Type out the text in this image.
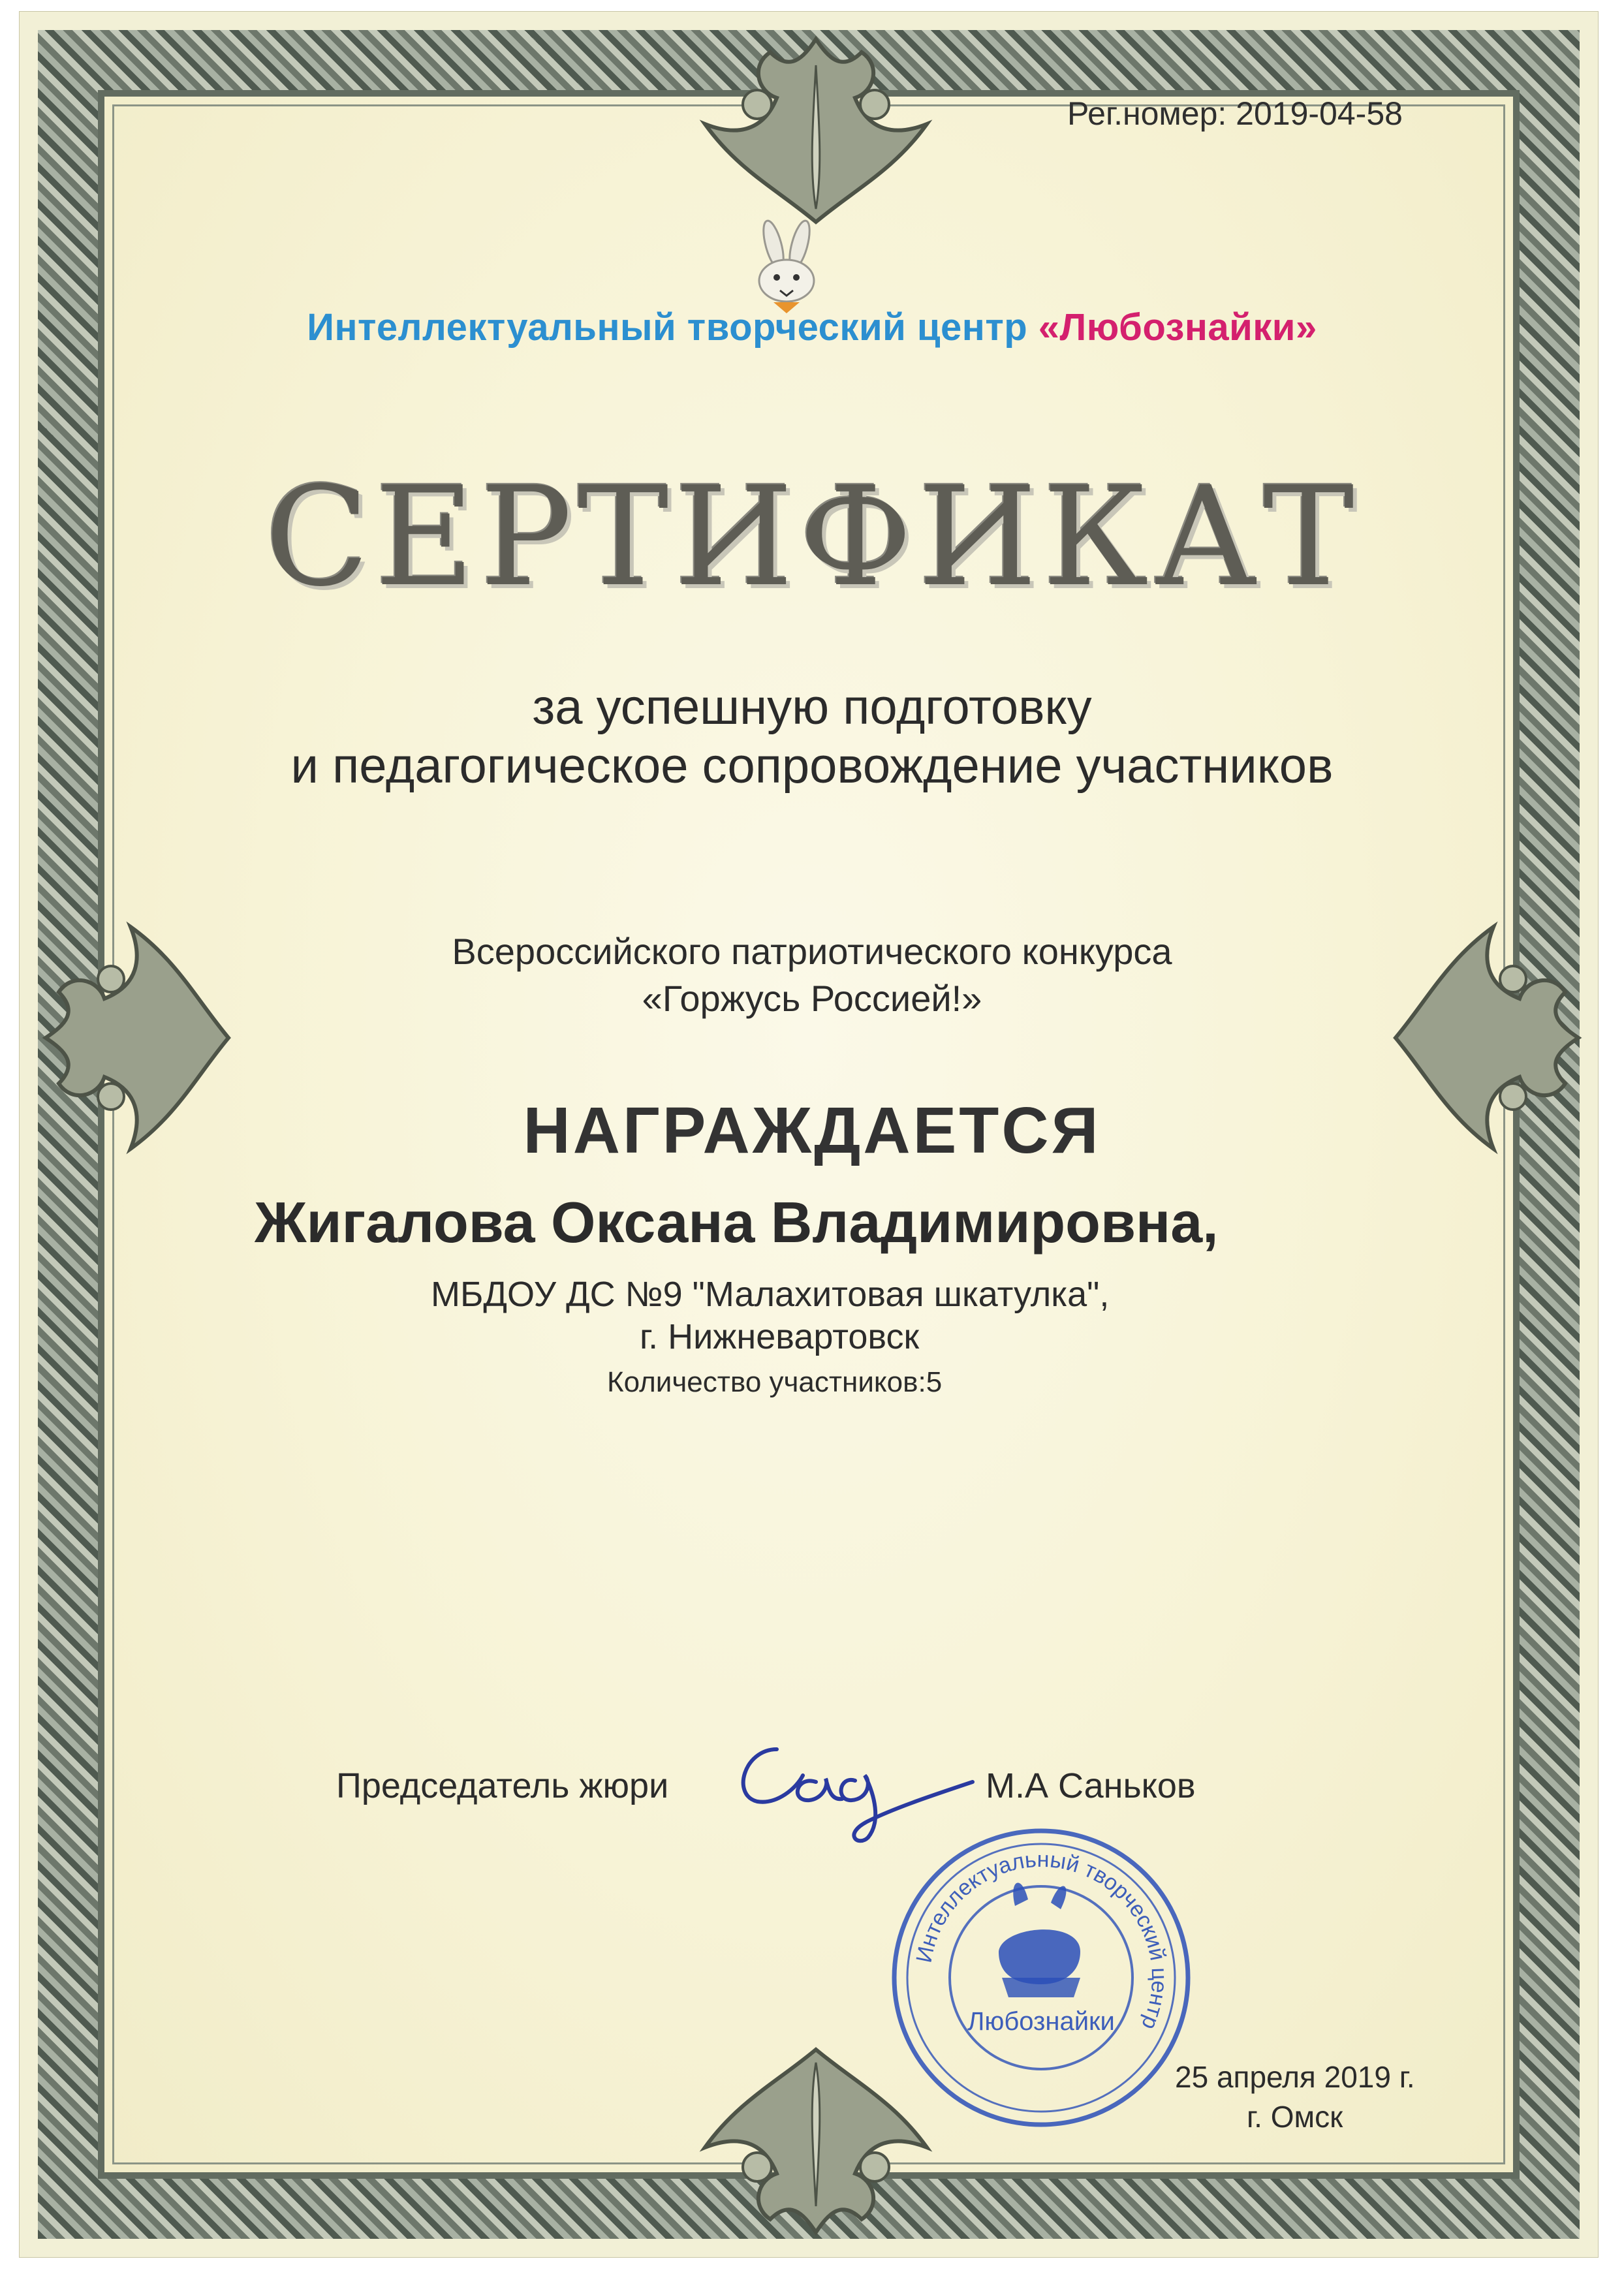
Рег.номер: 2019-04-58
Интеллектуальный творческий центр «Любознайки»
СЕРТИФИКАТ
за успешную подготовку
и педагогическое сопровождение участников
Всероссийского патриотического конкурса
«Горжусь Россией!»
НАГРАЖДАЕТСЯ
Жигалова Оксана Владимировна,
МБДОУ ДС №9 "Малахитовая шкатулка",
г. Нижневартовск
Количество участников:5
Председатель жюри	М.А Саньков
Интеллектуальный творческий центр
Любознайки
25 апреля 2019 г.
г. Омск
